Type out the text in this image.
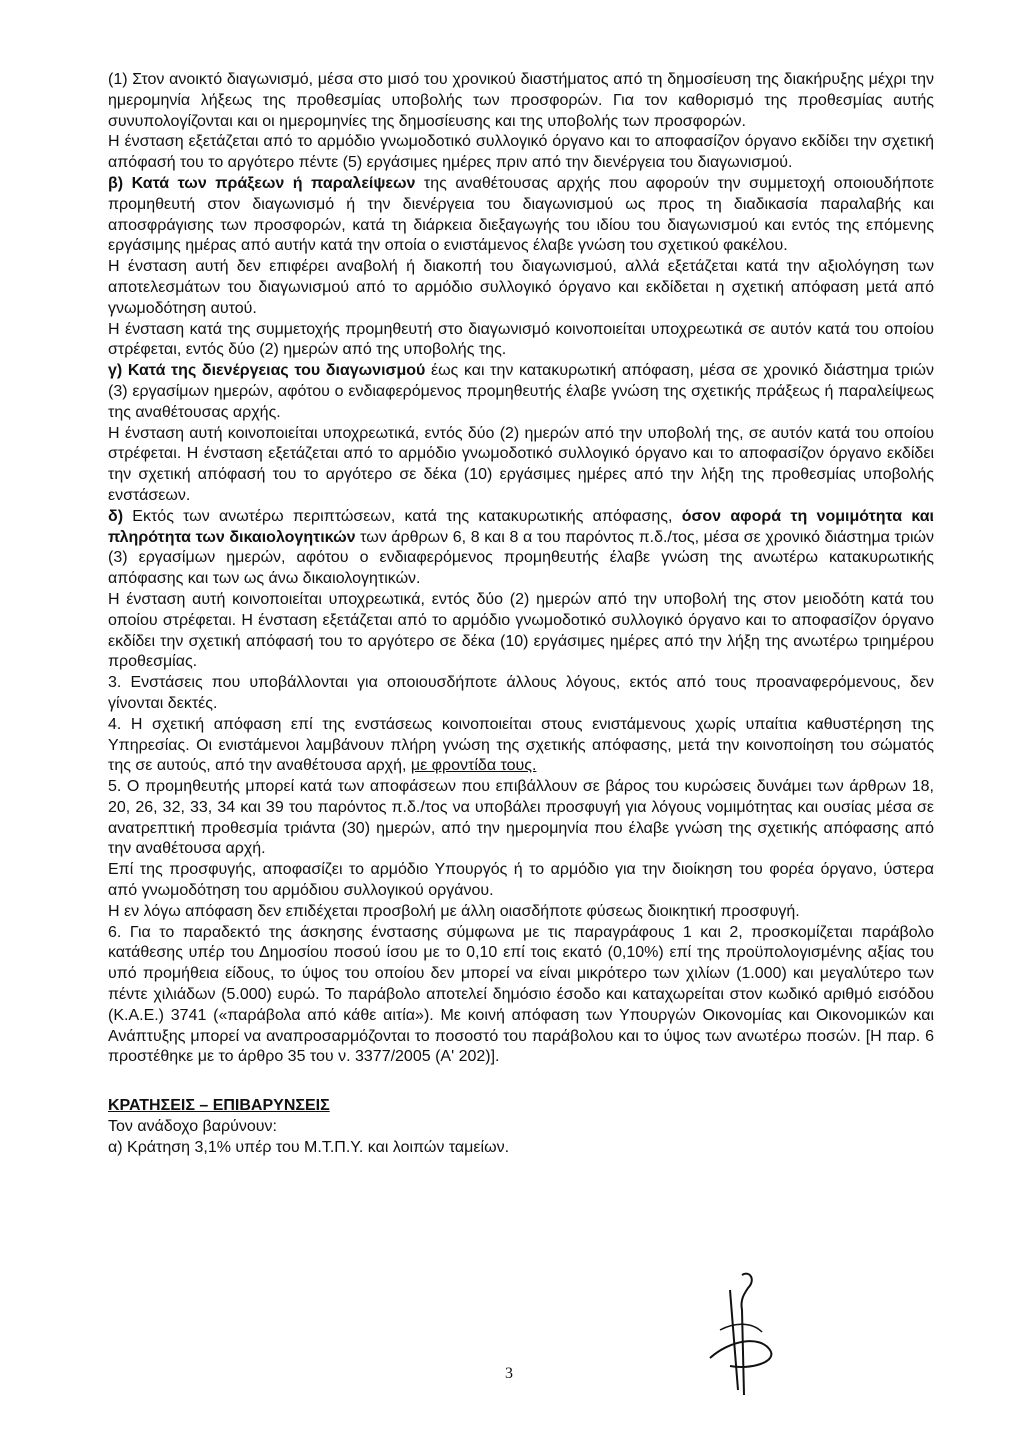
(1) Στον ανοικτό διαγωνισμό, μέσα στο μισό του χρονικού διαστήματος από τη δημοσίευση της διακήρυξης μέχρι την ημερομηνία λήξεως της προθεσμίας υποβολής των προσφορών. Για τον καθορισμό της προθεσμίας αυτής συνυπολογίζονται και οι ημερομηνίες της δημοσίευσης και της υποβολής των προσφορών.

Η ένσταση εξετάζεται από το αρμόδιο γνωμοδοτικό συλλογικό όργανο και το αποφασίζον όργανο εκδίδει την σχετική απόφασή του το αργότερο πέντε (5) εργάσιμες ημέρες πριν από την διενέργεια του διαγωνισμού.

β) Κατά των πράξεων ή παραλείψεων της αναθέτουσας αρχής που αφορούν την συμμετοχή οποιουδήποτε προμηθευτή στον διαγωνισμό ή την διενέργεια του διαγωνισμού ως προς τη διαδικασία παραλαβής και αποσφράγισης των προσφορών, κατά τη διάρκεια διεξαγωγής του ιδίου του διαγωνισμού και εντός της επόμενης εργάσιμης ημέρας από αυτήν κατά την οποία ο ενιστάμενος έλαβε γνώση του σχετικού φακέλου.

Η ένσταση αυτή δεν επιφέρει αναβολή ή διακοπή του διαγωνισμού, αλλά εξετάζεται κατά την αξιολόγηση των αποτελεσμάτων του διαγωνισμού από το αρμόδιο συλλογικό όργανο και εκδίδεται η σχετική απόφαση μετά από γνωμοδότηση αυτού.

Η ένσταση κατά της συμμετοχής προμηθευτή στο διαγωνισμό κοινοποιείται υποχρεωτικά σε αυτόν κατά του οποίου στρέφεται, εντός δύο (2) ημερών από της υποβολής της.

γ) Κατά της διενέργειας του διαγωνισμού έως και την κατακυρωτική απόφαση, μέσα σε χρονικό διάστημα τριών (3) εργασίμων ημερών, αφότου ο ενδιαφερόμενος προμηθευτής έλαβε γνώση της σχετικής πράξεως ή παραλείψεως της αναθέτουσας αρχής.

Η ένσταση αυτή κοινοποιείται υποχρεωτικά, εντός δύο (2) ημερών από την υποβολή της, σε αυτόν κατά του οποίου στρέφεται. Η ένσταση εξετάζεται από το αρμόδιο γνωμοδοτικό συλλογικό όργανο και το αποφασίζον όργανο εκδίδει την σχετική απόφασή του το αργότερο σε δέκα (10) εργάσιμες ημέρες από την λήξη της προθεσμίας υποβολής ενστάσεων.

δ) Εκτός των ανωτέρω περιπτώσεων, κατά της κατακυρωτικής απόφασης, όσον αφορά τη νομιμότητα και πληρότητα των δικαιολογητικών των άρθρων 6, 8 και 8 α του παρόντος π.δ./τος, μέσα σε χρονικό διάστημα τριών (3) εργασίμων ημερών, αφότου ο ενδιαφερόμενος προμηθευτής έλαβε γνώση της ανωτέρω κατακυρωτικής απόφασης και των ως άνω δικαιολογητικών.

Η ένσταση αυτή κοινοποιείται υποχρεωτικά, εντός δύο (2) ημερών από την υποβολή της στον μειοδότη κατά του οποίου στρέφεται. Η ένσταση εξετάζεται από το αρμόδιο γνωμοδοτικό συλλογικό όργανο και το αποφασίζον όργανο εκδίδει την σχετική απόφασή του το αργότερο σε δέκα (10) εργάσιμες ημέρες από την λήξη της ανωτέρω τριημέρου προθεσμίας.

3. Ενστάσεις που υποβάλλονται για οποιουσδήποτε άλλους λόγους, εκτός από τους προαναφερόμενους, δεν γίνονται δεκτές.

4. Η σχετική απόφαση επί της ενστάσεως κοινοποιείται στους ενιστάμενους χωρίς υπαίτια καθυστέρηση της Υπηρεσίας. Οι ενιστάμενοι λαμβάνουν πλήρη γνώση της σχετικής απόφασης, μετά την κοινοποίηση του σώματός της σε αυτούς, από την αναθέτουσα αρχή, με φροντίδα τους.

5. Ο προμηθευτής μπορεί κατά των αποφάσεων που επιβάλλουν σε βάρος του κυρώσεις δυνάμει των άρθρων 18, 20, 26, 32, 33, 34 και 39 του παρόντος π.δ./τος να υποβάλει προσφυγή για λόγους νομιμότητας και ουσίας μέσα σε ανατρεπτική προθεσμία τριάντα (30) ημερών, από την ημερομηνία που έλαβε γνώση της σχετικής απόφασης από την αναθέτουσα αρχή.

Επί της προσφυγής, αποφασίζει το αρμόδιο Υπουργός ή το αρμόδιο για την διοίκηση του φορέα όργανο, ύστερα από γνωμοδότηση του αρμόδιου συλλογικού οργάνου.

Η εν λόγω απόφαση δεν επιδέχεται προσβολή με άλλη οιασδήποτε φύσεως διοικητική προσφυγή.

6. Για το παραδεκτό της άσκησης ένστασης σύμφωνα με τις παραγράφους 1 και 2, προσκομίζεται παράβολο κατάθεσης υπέρ του Δημοσίου ποσού ίσου με το 0,10 επί τοις εκατό (0,10%) επί της προϋπολογισμένης αξίας του υπό προμήθεια είδους, το ύψος του οποίου δεν μπορεί να είναι μικρότερο των χιλίων (1.000) και μεγαλύτερο των πέντε χιλιάδων (5.000) ευρώ. Το παράβολο αποτελεί δημόσιο έσοδο και καταχωρείται στον κωδικό αριθμό εισόδου (Κ.Α.Ε.) 3741 («παράβολα από κάθε αιτία»). Με κοινή απόφαση των Υπουργών Οικονομίας και Οικονομικών και Ανάπτυξης μπορεί να αναπροσαρμόζονται το ποσοστό του παράβολου και το ύψος των ανωτέρω ποσών. [Η παρ. 6 προστέθηκε με το άρθρο 35 του ν. 3377/2005 (Α' 202)].

ΚΡΑΤΗΣΕΙΣ – ΕΠΙΒΑΡΥΝΣΕΙΣ

Τον ανάδοχο βαρύνουν:

α) Κράτηση 3,1% υπέρ του Μ.Τ.Π.Υ. και λοιπών ταμείων.

3
